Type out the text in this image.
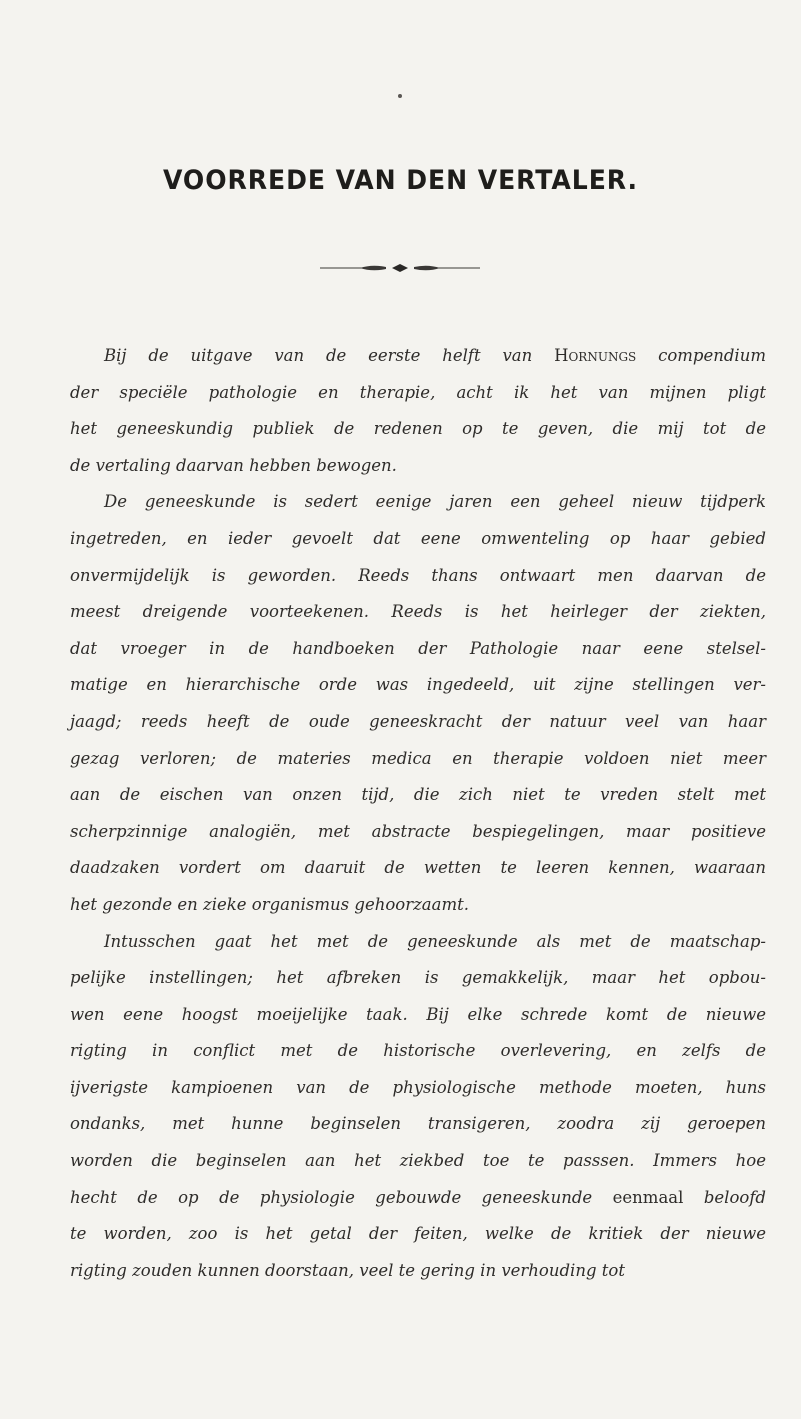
VOORREDE VAN DEN VERTALER.
Bij de uitgave van de eerste helft van Hornungs compendium
der speciële pathologie en therapie, acht ik het van mijnen pligt
het geneeskundig publiek de redenen op te geven, die mij tot de
de vertaling daarvan hebben bewogen.
De geneeskunde is sedert eenige jaren een geheel nieuw tijdperk
ingetreden, en ieder gevoelt dat eene omwenteling op haar gebied
onvermijdelijk is geworden. Reeds thans ontwaart men daarvan de
meest dreigende voorteekenen. Reeds is het heirleger der ziekten,
dat vroeger in de handboeken der Pathologie naar eene stelsel-
matige en hierarchische orde was ingedeeld, uit zijne stellingen ver-
jaagd; reeds heeft de oude geneeskracht der natuur veel van haar
gezag verloren; de materies medica en therapie voldoen niet meer
aan de eischen van onzen tijd, die zich niet te vreden stelt met
scherpzinnige analogiën, met abstracte bespiegelingen, maar positieve
daadzaken vordert om daaruit de wetten te leeren kennen, waaraan
het gezonde en zieke organismus gehoorzaamt.
Intusschen gaat het met de geneeskunde als met de maatschap-
pelijke instellingen; het afbreken is gemakkelijk, maar het opbou-
wen eene hoogst moeijelijke taak. Bij elke schrede komt de nieuwe
rigting in conflict met de historische overlevering, en zelfs de
ijverigste kampioenen van de physiologische methode moeten, huns
ondanks, met hunne beginselen transigeren, zoodra zij geroepen
worden die beginselen aan het ziekbed toe te passsen. Immers hoe
hecht de op de physiologie gebouwde geneeskunde eenmaal beloofd
te worden, zoo is het getal der feiten, welke de kritiek der nieuwe
rigting zouden kunnen doorstaan, veel te gering in verhouding tot
